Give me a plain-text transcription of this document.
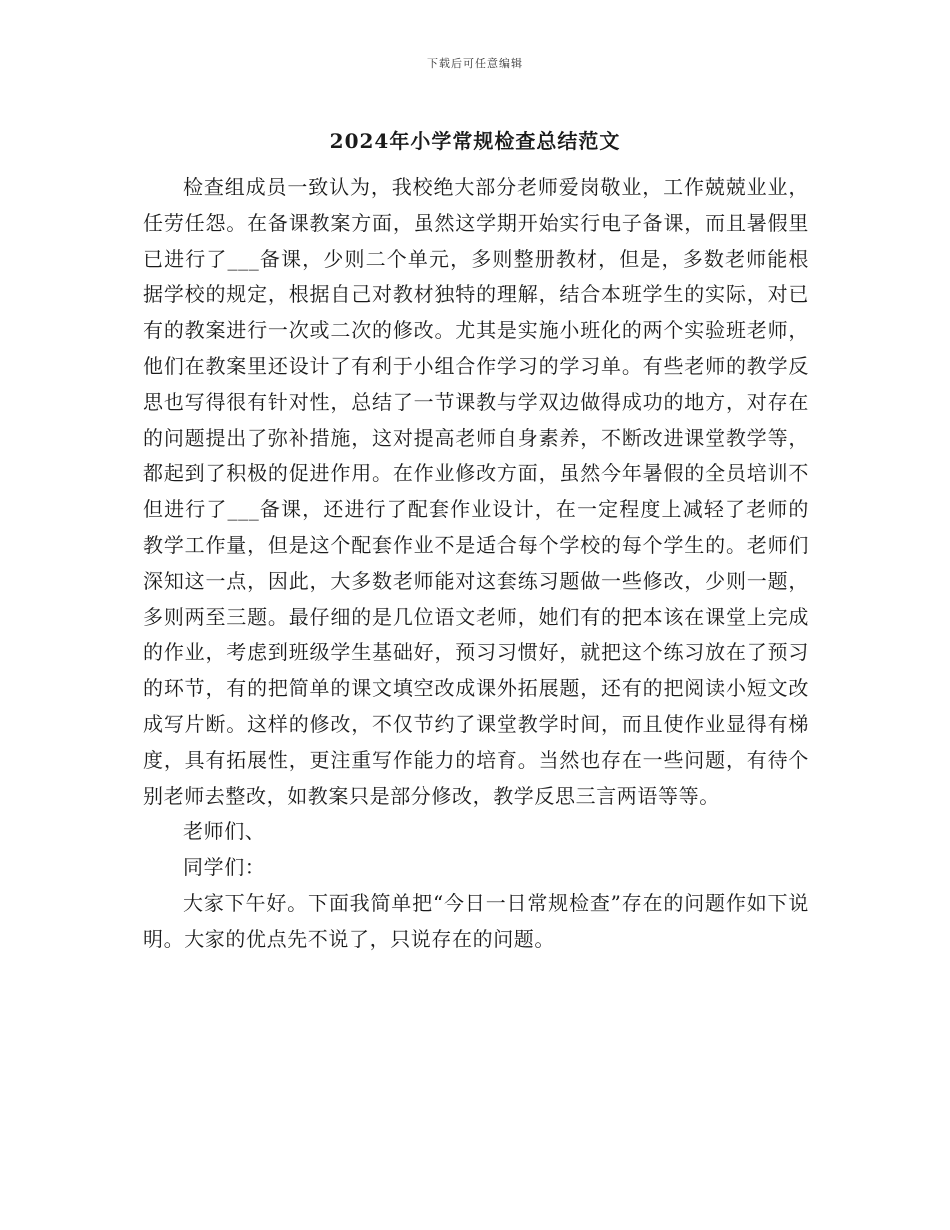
下载后可任意编辑
2024年小学常规检查总结范文

检查组成员一致认为，我校绝大部分老师爱岗敬业，工作兢兢业业，任劳任怨。在备课教案方面，虽然这学期开始实行电子备课，而且暑假里已进行了___备课，少则二个单元，多则整册教材，但是，多数老师能根据学校的规定，根据自己对教材独特的理解，结合本班学生的实际，对已有的教案进行一次或二次的修改。尤其是实施小班化的两个实验班老师，他们在教案里还设计了有利于小组合作学习的学习单。有些老师的教学反思也写得很有针对性，总结了一节课教与学双边做得成功的地方，对存在的问题提出了弥补措施，这对提高老师自身素养，不断改进课堂教学等，都起到了积极的促进作用。在作业修改方面，虽然今年暑假的全员培训不但进行了___备课，还进行了配套作业设计，在一定程度上减轻了老师的教学工作量，但是这个配套作业不是适合每个学校的每个学生的。老师们深知这一点，因此，大多数老师能对这套练习题做一些修改，少则一题，多则两至三题。最仔细的是几位语文老师，她们有的把本该在课堂上完成的作业，考虑到班级学生基础好，预习习惯好，就把这个练习放在了预习的环节，有的把简单的课文填空改成课外拓展题，还有的把阅读小短文改成写片断。这样的修改，不仅节约了课堂教学时间，而且使作业显得有梯度，具有拓展性，更注重写作能力的培育。当然也存在一些问题，有待个别老师去整改，如教案只是部分修改，教学反思三言两语等等。

老师们、

同学们：

大家下午好。下面我简单把“今日一日常规检查”存在的问题作如下说明。大家的优点先不说了，只说存在的问题。
